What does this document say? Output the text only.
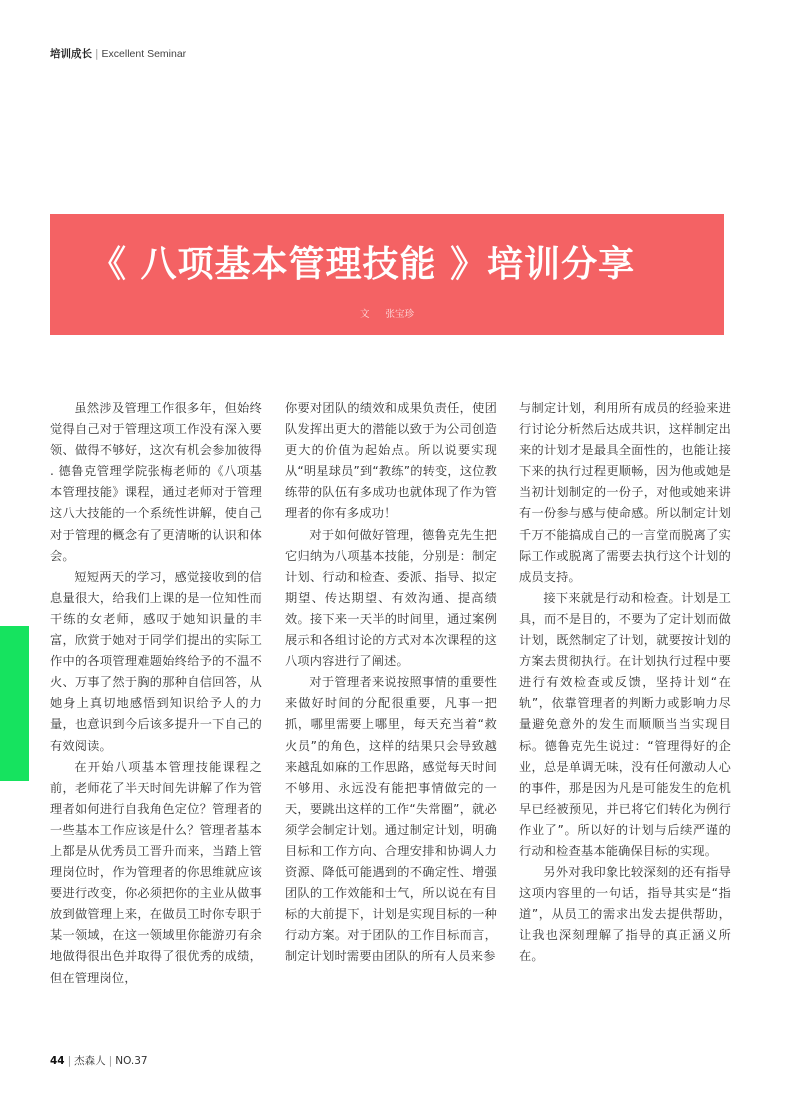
培训成长 | Excellent Seminar
《 八项基本管理技能 》培训分享
文 张宝珍

虽然涉及管理工作很多年，但始终觉得自己对于管理这项工作没有深入要领、做得不够好，这次有机会参加彼得 . 德鲁克管理学院张梅老师的《八项基本管理技能》课程，通过老师对于管理这八大技能的一个系统性讲解，使自己对于管理的概念有了更清晰的认识和体会。

短短两天的学习，感觉接收到的信息量很大，给我们上课的是一位知性而干练的女老师，感叹于她知识量的丰富，欣赏于她对于同学们提出的实际工作中的各项管理难题始终给予的不温不火、万事了然于胸的那种自信回答，从她身上真切地感悟到知识给予人的力量，也意识到今后该多提升一下自己的有效阅读。

在开始八项基本管理技能课程之前，老师花了半天时间先讲解了作为管理者如何进行自我角色定位？管理者的一些基本工作应该是什么？管理者基本上都是从优秀员工晋升而来，当踏上管理岗位时，作为管理者的你思维就应该要进行改变，你必须把你的主业从做事放到做管理上来，在做员工时你专职于某一领域，在这一领域里你能游刃有余地做得很出色并取得了很优秀的成绩，但在管理岗位，

你要对团队的绩效和成果负责任，使团队发挥出更大的潜能以致于为公司创造更大的价值为起始点。所以说要实现从“明星球员”到“教练”的转变，这位教练带的队伍有多成功也就体现了作为管理者的你有多成功！

对于如何做好管理，德鲁克先生把它归纳为八项基本技能，分别是：制定计划、行动和检查、委派、指导、拟定期望、传达期望、有效沟通、提高绩效。接下来一天半的时间里，通过案例展示和各组讨论的方式对本次课程的这八项内容进行了阐述。

对于管理者来说按照事情的重要性来做好时间的分配很重要，凡事一把抓，哪里需要上哪里，每天充当着“救火员”的角色，这样的结果只会导致越来越乱如麻的工作思路，感觉每天时间不够用、永远没有能把事情做完的一天，要跳出这样的工作“失常圈”，就必须学会制定计划。通过制定计划，明确目标和工作方向、合理安排和协调人力资源、降低可能遇到的不确定性、增强团队的工作效能和士气，所以说在有目标的大前提下，计划是实现目标的一种行动方案。对于团队的工作目标而言，制定计划时需要由团队的所有人员来参

与制定计划，利用所有成员的经验来进行讨论分析然后达成共识，这样制定出来的计划才是最具全面性的，也能让接下来的执行过程更顺畅，因为他或她是当初计划制定的一份子，对他或她来讲有一份参与感与使命感。所以制定计划千万不能搞成自己的一言堂而脱离了实际工作或脱离了需要去执行这个计划的成员支持。

接下来就是行动和检查。计划是工具，而不是目的，不要为了定计划而做计划，既然制定了计划，就要按计划的方案去贯彻执行。在计划执行过程中要进行有效检查或反馈，坚持计划“在轨”，依靠管理者的判断力或影响力尽量避免意外的发生而顺顺当当实现目标。德鲁克先生说过：“管理得好的企业，总是单调无味，没有任何激动人心的事件，那是因为凡是可能发生的危机早已经被预见，并已将它们转化为例行作业了”。所以好的计划与后续严谨的行动和检查基本能确保目标的实现。

另外对我印象比较深刻的还有指导这项内容里的一句话，指导其实是“指道”，从员工的需求出发去提供帮助，让我也深刻理解了指导的真正涵义所在。

44 | 杰森人 | NO.37
